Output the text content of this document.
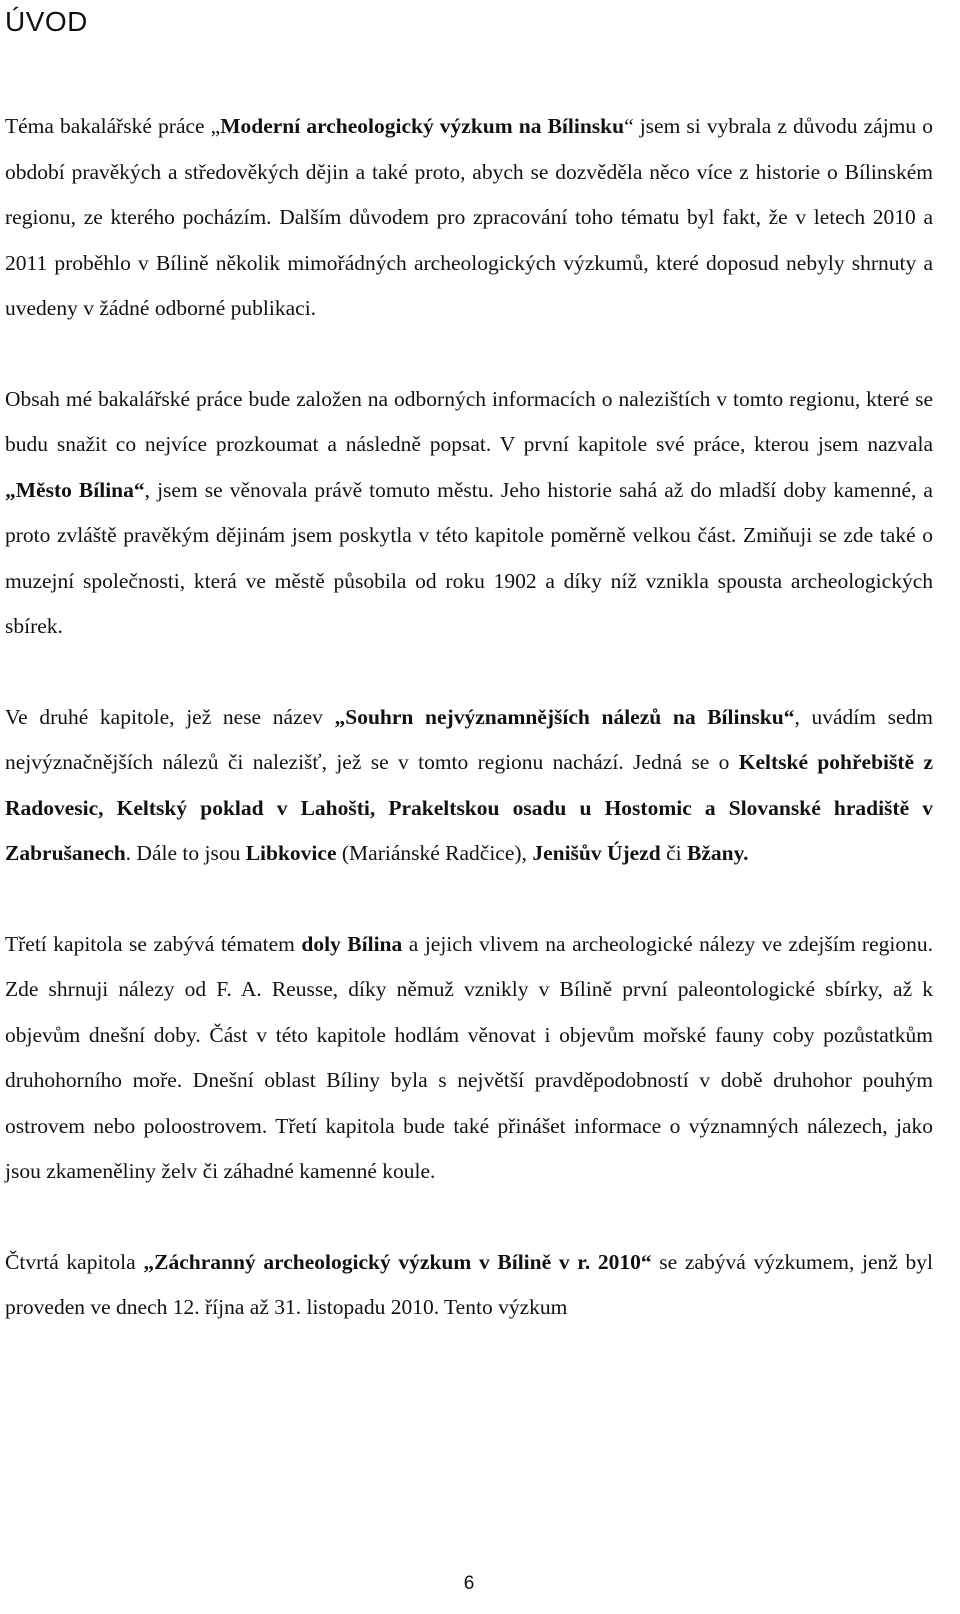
ÚVOD

Téma bakalářské práce „Moderní archeologický výzkum na Bílinsku“ jsem si vybrala z důvodu zájmu o období pravěkých a středověkých dějin a také proto, abych se dozvěděla něco více z historie o Bílinském regionu, ze kterého pocházím. Dalším důvodem pro zpracování toho tématu byl fakt, že v letech 2010 a 2011 proběhlo v Bílině několik mimořádných archeologických výzkumů, které doposud nebyly shrnuty a uvedeny v žádné odborné publikaci.

Obsah mé bakalářské práce bude založen na odborných informacích o nalezištích v tomto regionu, které se budu snažit co nejvíce prozkoumat a následně popsat. V první kapitole své práce, kterou jsem nazvala „Město Bílina“, jsem se věnovala právě tomuto městu. Jeho historie sahá až do mladší doby kamenné, a proto zvláště pravěkým dějinám jsem poskytla v této kapitole poměrně velkou část. Zmiňuji se zde také o muzejní společnosti, která ve městě působila od roku 1902 a díky níž vznikla spousta archeologických sbírek.

Ve druhé kapitole, jež nese název „Souhrn nejvýznamnějších nálezů na Bílinsku“, uvádím sedm nejvýznačnějších nálezů či nalezišť, jež se v tomto regionu nachází. Jedná se o Keltské pohřebiště z Radovesic, Keltský poklad v Lahošti, Prakeltskou osadu u Hostomic a Slovanské hradiště v Zabrušanech. Dále to jsou Libkovice (Mariánské Radčice), Jenišův Újezd či Bžany.

Třetí kapitola se zabývá tématem doly Bílina a jejich vlivem na archeologické nálezy ve zdejším regionu. Zde shrnuji nálezy od F. A. Reusse, díky němuž vznikly v Bílině první paleontologické sbírky, až k objevům dnešní doby. Část v této kapitole hodlám věnovat i objevům mořské fauny coby pozůstatkům druhohorního moře. Dnešní oblast Bíliny byla s největší pravděpodobností v době druhohor pouhým ostrovem nebo poloostrovem. Třetí kapitola bude také přinášet informace o významných nálezech, jako jsou zkameněliny želv či záhadné kamenné koule.

Čtvrtá kapitola „Záchranný archeologický výzkum v Bílině v r. 2010“ se zabývá výzkumem, jenž byl proveden ve dnech 12. října až 31. listopadu 2010. Tento výzkum

6
